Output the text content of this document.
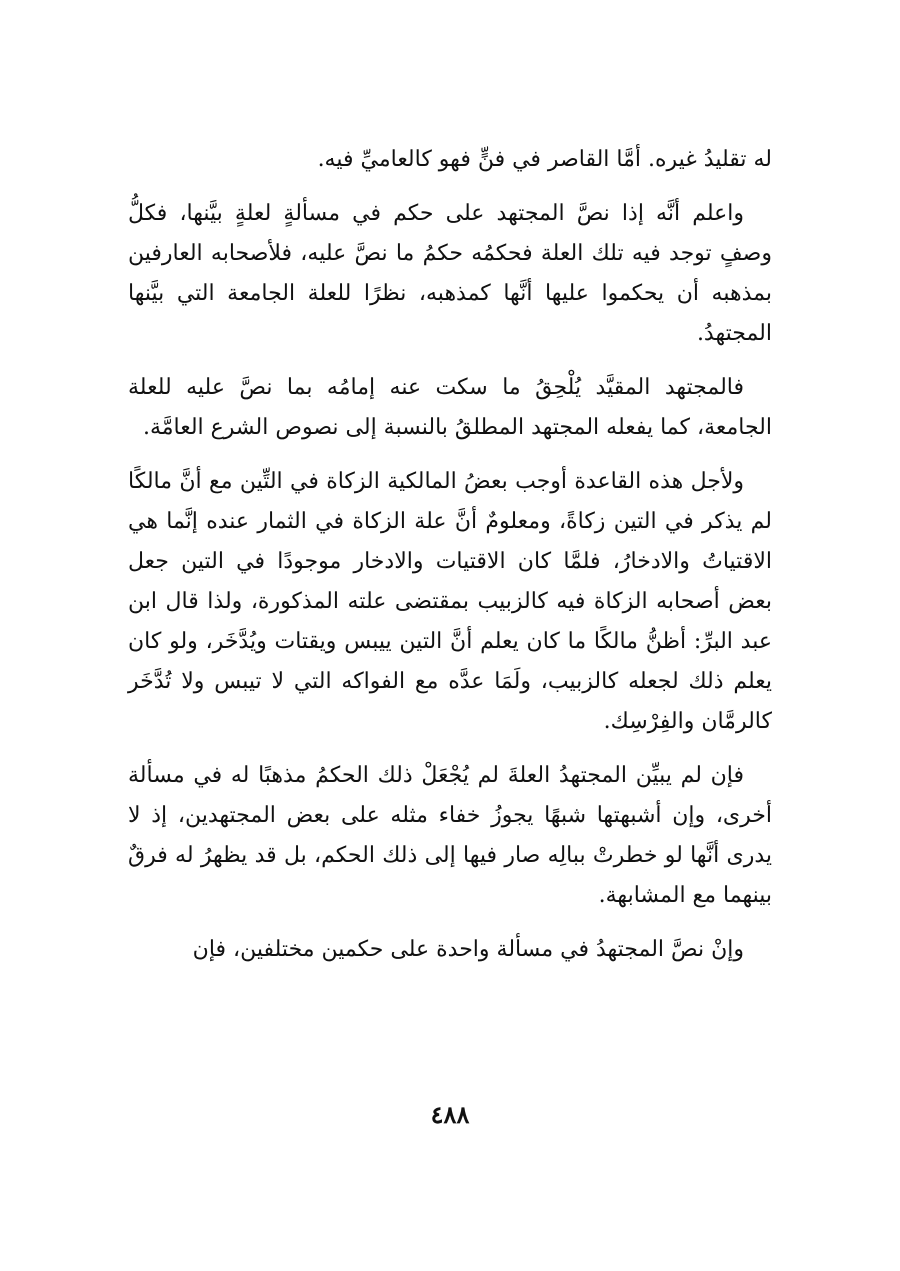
له تقليدُ غيره. أمَّا القاصر في فنٍّ فهو كالعاميِّ فيه.

واعلم أنَّه إذا نصَّ المجتهد على حكم في مسألةٍ لعلةٍ بيَّنها، فكلُّ وصفٍ توجد فيه تلك العلة فحكمُه حكمُ ما نصَّ عليه، فلأصحابه العارفين بمذهبه أن يحكموا عليها أنَّها كمذهبه، نظرًا للعلة الجامعة التي بيَّنها المجتهدُ.

فالمجتهد المقيَّد يُلْحِقُ ما سكت عنه إمامُه بما نصَّ عليه للعلة الجامعة، كما يفعله المجتهد المطلقُ بالنسبة إلى نصوص الشرع العامَّة.

ولأجل هذه القاعدة أوجب بعضُ المالكية الزكاة في التِّين مع أنَّ مالكًا لم يذكر في التين زكاةً، ومعلومٌ أنَّ علة الزكاة في الثمار عنده إنَّما هي الاقتياتُ والادخارُ، فلمَّا كان الاقتيات والادخار موجودًا في التين جعل بعض أصحابه الزكاة فيه كالزبيب بمقتضى علته المذكورة، ولذا قال ابن عبد البرِّ: أظنُّ مالكًا ما كان يعلم أنَّ التين ييبس ويقتات ويُدَّخَر، ولو كان يعلم ذلك لجعله كالزبيب، ولَمَا عدَّه مع الفواكه التي لا تيبس ولا تُدَّخَر كالرمَّان والفِرْسِك.

فإن لم يبيِّن المجتهدُ العلةَ لم يُجْعَلْ ذلك الحكمُ مذهبًا له في مسألة أخرى، وإن أشبهتها شبهًا يجوزُ خفاء مثله على بعض المجتهدين، إذ لا يدرى أنَّها لو خطرتْ ببالِه صار فيها إلى ذلك الحكم، بل قد يظهرُ له فرقٌ بينهما مع المشابهة.

وإنْ نصَّ المجتهدُ في مسألة واحدة على حكمين مختلفين، فإن

٤٨٨
